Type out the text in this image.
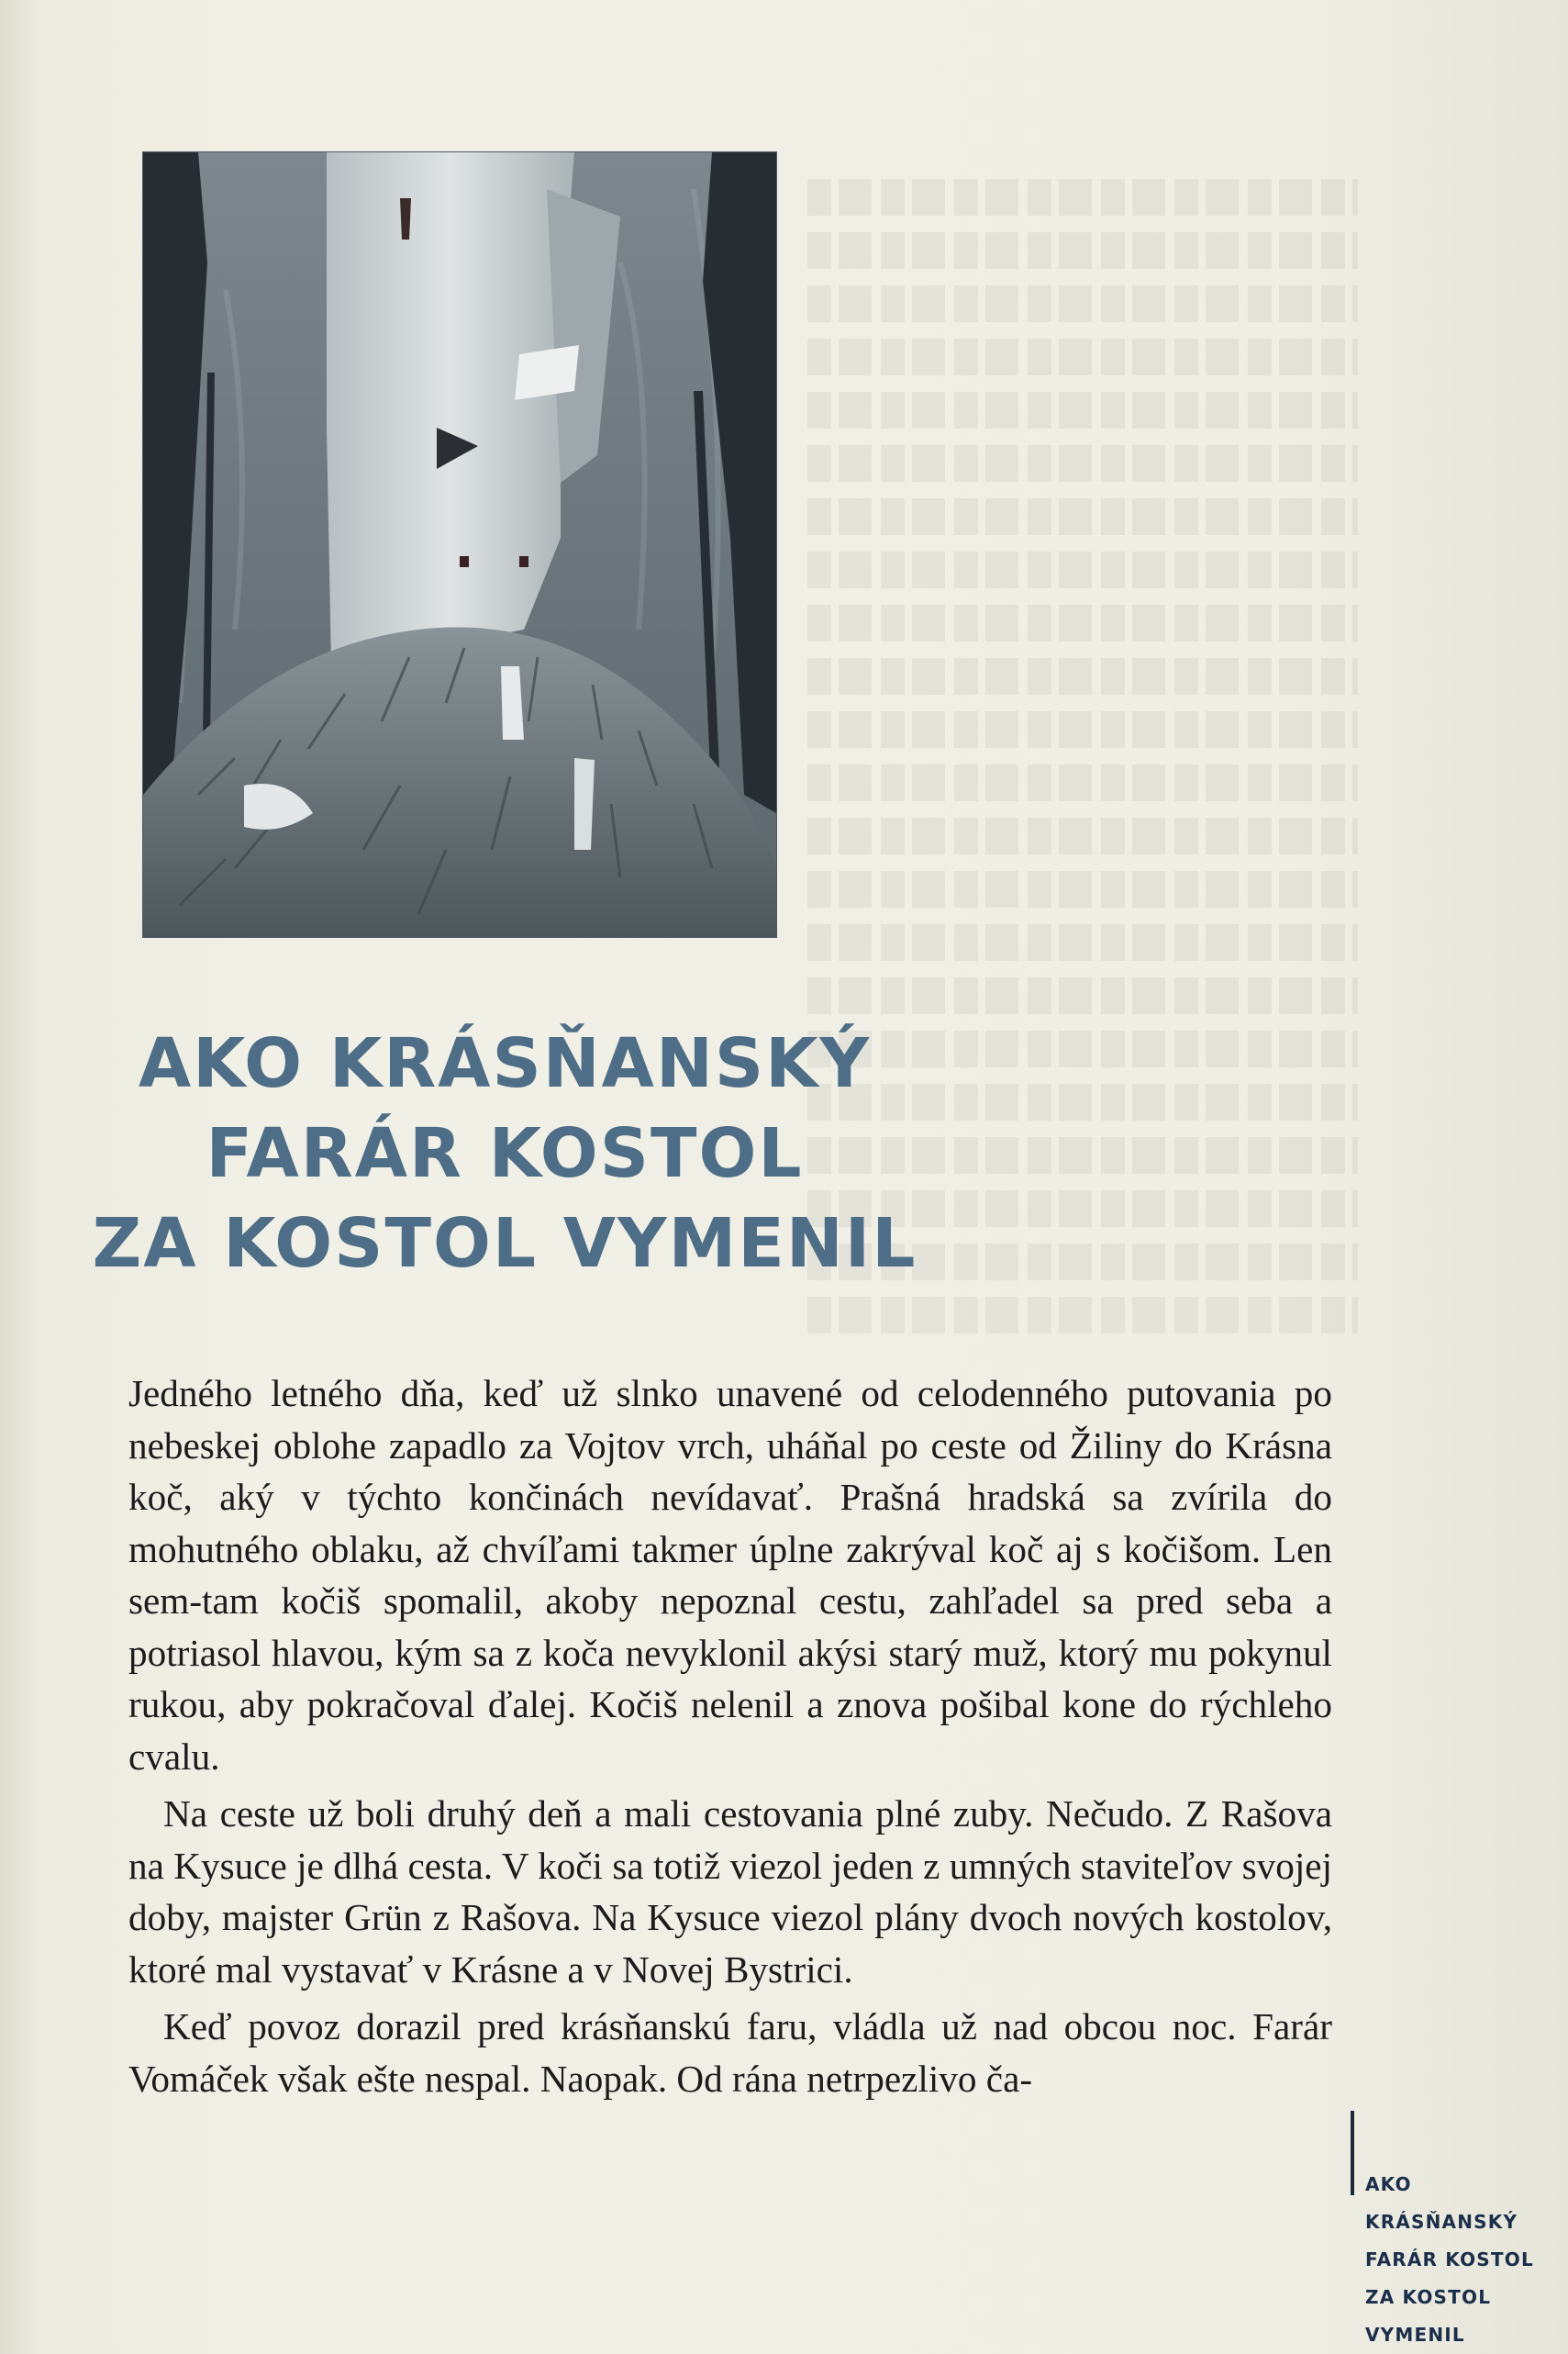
AKO KRÁSŇANSKÝ
FARÁR KOSTOL
ZA KOSTOL VYMENIL

Jedného letného dňa, keď už slnko unavené od celodenného putovania po nebeskej oblohe zapadlo za Vojtov vrch, uháňal po ceste od Žiliny do Krásna koč, aký v týchto končinách nevídavať. Prašná hradská sa zvírila do mohutného oblaku, až chvíľami takmer úplne zakrýval koč aj s kočišom. Len sem-tam kočiš spomalil, akoby nepoznal cestu, zahľadel sa pred seba a potriasol hlavou, kým sa z koča nevyklonil akýsi starý muž, ktorý mu pokynul rukou, aby pokračoval ďalej. Kočiš nelenil a znova pošibal kone do rýchleho cvalu.

Na ceste už boli druhý deň a mali cestovania plné zuby. Nečudo. Z Rašova na Kysuce je dlhá cesta. V koči sa totiž viezol jeden z umných staviteľov svojej doby, majster Grün z Rašova. Na Kysuce viezol plány dvoch nových kostolov, ktoré mal vystavať v Krásne a v Novej Bystrici.

Keď povoz dorazil pred krásňanskú faru, vládla už nad obcou noc. Farár Vomáček však ešte nespal. Naopak. Od rána netrpezlivo ča-

AKO KRÁSŇANSKÝ
FARÁR KOSTOL
ZA KOSTOL
VYMENIL
